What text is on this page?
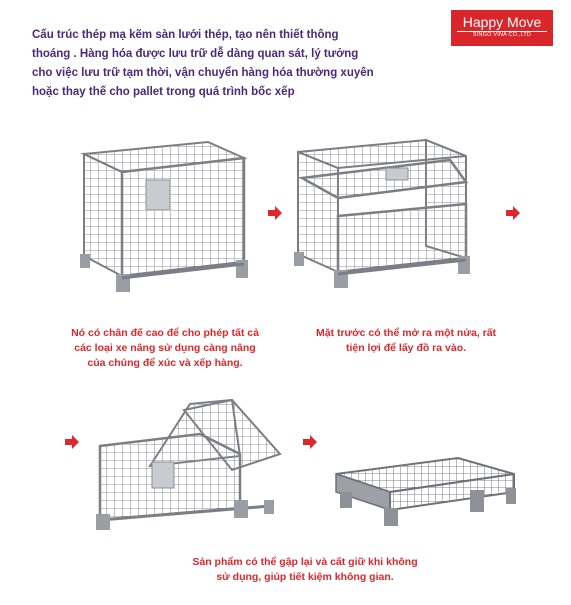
Cấu trúc thép mạ kẽm sàn lưới thép, tạo nên thiết thông
thoáng . Hàng hóa được lưu trữ dễ dàng quan sát, lý tưởng
cho việc lưu trữ tạm thời, vận chuyển hàng hóa thường xuyên
hoặc thay thế cho pallet trong quá trình bốc xếp
Happy Move
SINGO VINA CO.,LTD
Nó có chân đế cao để cho phép tất cả
các loại xe nâng sử dụng càng nâng
của chúng để xúc và xếp hàng.
Mặt trước có thể mở ra một nửa, rất
tiện lợi để lấy đồ ra vào.
Sản phẩm có thể gập lại và cất giữ khi không
sử dụng, giúp tiết kiệm không gian.
